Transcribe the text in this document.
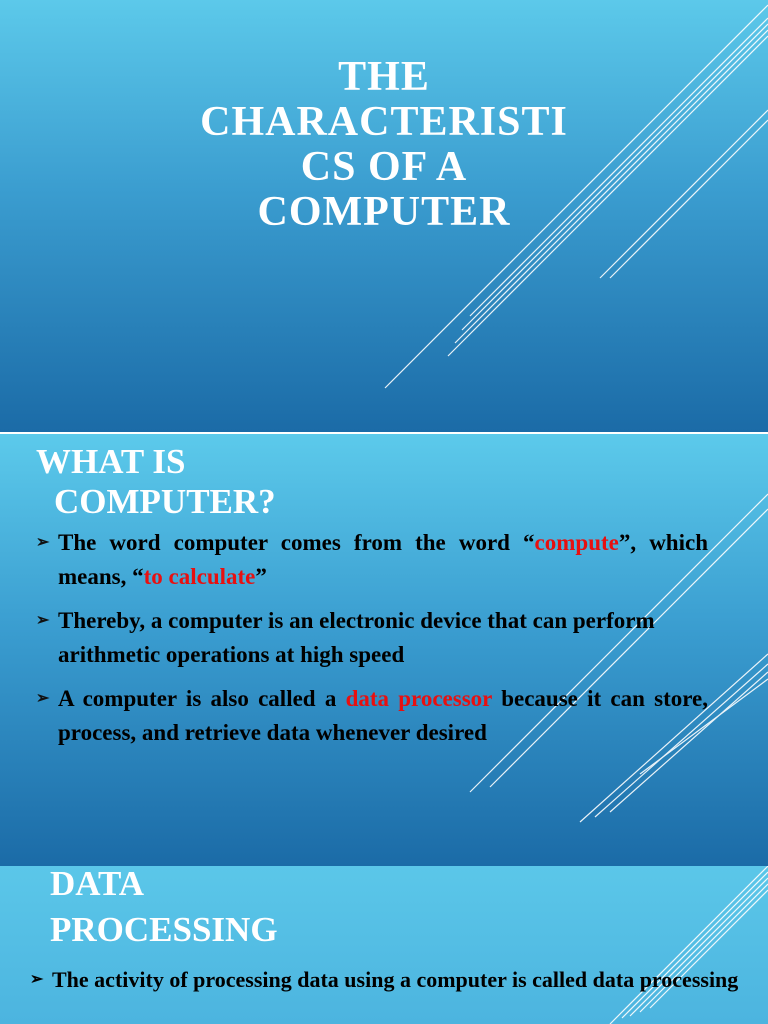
THE
CHARACTERISTI
CS OF A
COMPUTER
WHAT IS
COMPUTER?
➢ The word computer comes from the word “compute”, which means, “to calculate”
➢ Thereby, a computer is an electronic device that can perform arithmetic operations at high speed
➢ A computer is also called a data processor because it can store, process, and retrieve data whenever desired
DATA
PROCESSING
➢ The activity of processing data using a computer is called data processing
